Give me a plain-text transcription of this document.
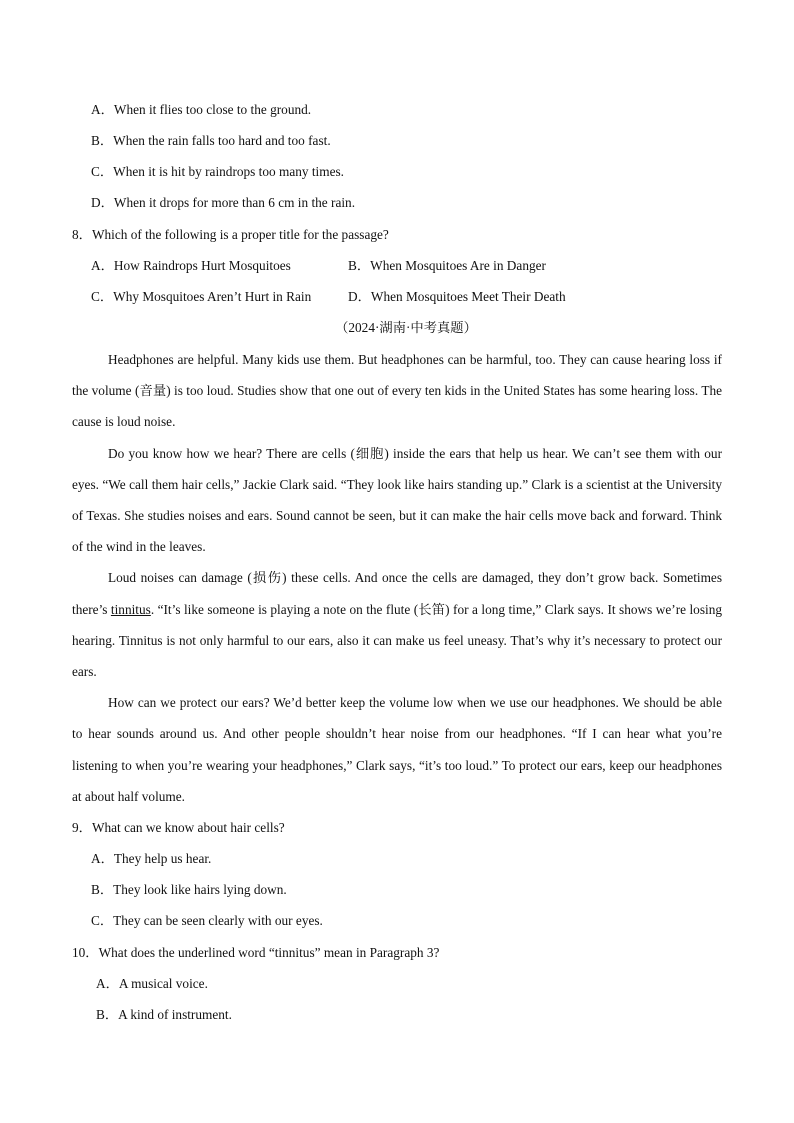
A．When it flies too close to the ground.
B．When the rain falls too hard and too fast.
C．When it is hit by raindrops too many times.
D．When it drops for more than 6 cm in the rain.
8．Which of the following is a proper title for the passage?
A．How Raindrops Hurt Mosquitoes	B．When Mosquitoes Are in Danger
C．Why Mosquitoes Aren’t Hurt in Rain	D．When Mosquitoes Meet Their Death
（2024·湖南·中考真题）

Headphones are helpful. Many kids use them. But headphones can be harmful, too. They can cause hearing loss if the volume (音量) is too loud. Studies show that one out of every ten kids in the United States has some hearing loss. The cause is loud noise.

Do you know how we hear? There are cells (细胞) inside the ears that help us hear. We can’t see them with our eyes. “We call them hair cells,” Jackie Clark said. “They look like hairs standing up.” Clark is a scientist at the University of Texas. She studies noises and ears. Sound cannot be seen, but it can make the hair cells move back and forward. Think of the wind in the leaves.

Loud noises can damage (损伤) these cells. And once the cells are damaged, they don’t grow back. Sometimes there’s tinnitus. “It’s like someone is playing a note on the flute (长笛) for a long time,” Clark says. It shows we’re losing hearing. Tinnitus is not only harmful to our ears, also it can make us feel uneasy. That’s why it’s necessary to protect our ears.

How can we protect our ears? We’d better keep the volume low when we use our headphones. We should be able to hear sounds around us. And other people shouldn’t hear noise from our headphones. “If I can hear what you’re listening to when you’re wearing your headphones,” Clark says, “it’s too loud.” To protect our ears, keep our headphones at about half volume.

9．What can we know about hair cells?
A．They help us hear.
B．They look like hairs lying down.
C．They can be seen clearly with our eyes.
10．What does the underlined word “tinnitus” mean in Paragraph 3?
A．A musical voice.
B．A kind of instrument.
